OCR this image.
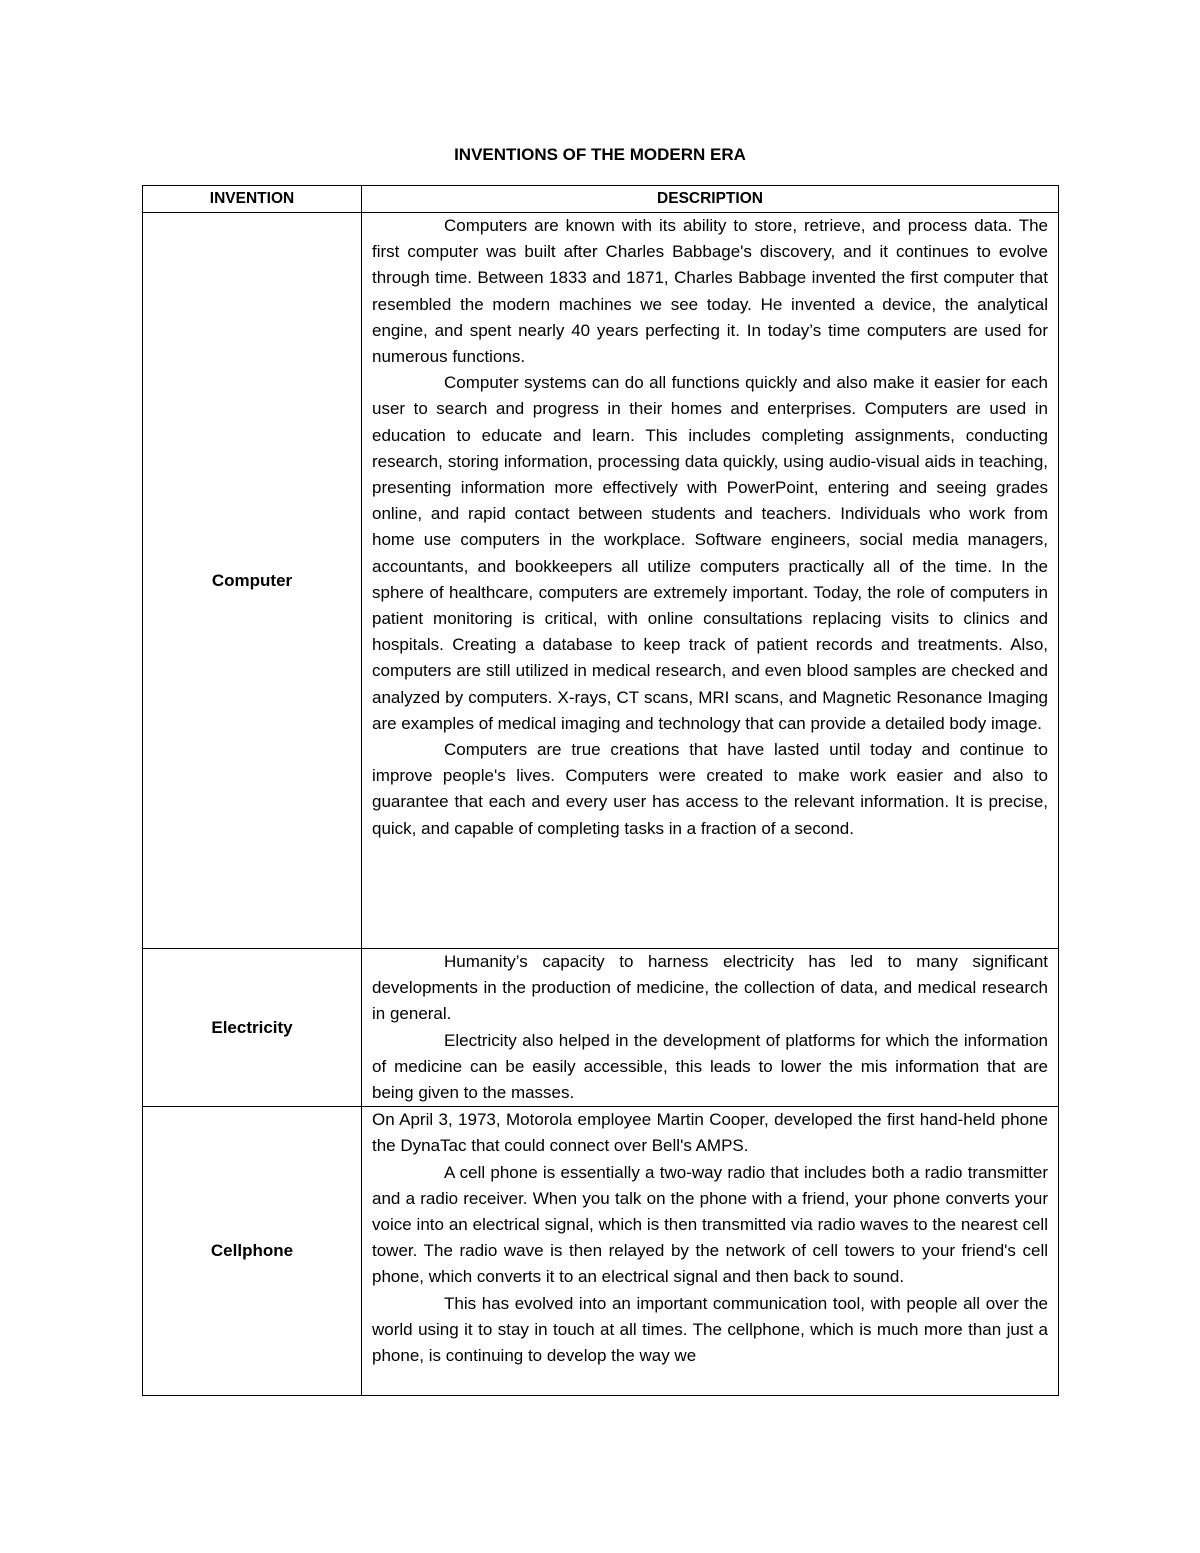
INVENTIONS OF THE MODERN ERA
INVENTION	DESCRIPTION
Computer	Computers are known with its ability to store, retrieve, and process data. The first computer was built after Charles Babbage's discovery, and it continues to evolve through time. Between 1833 and 1871, Charles Babbage invented the first computer that resembled the modern machines we see today. He invented a device, the analytical engine, and spent nearly 40 years perfecting it. In today’s time computers are used for numerous functions.

Computer systems can do all functions quickly and also make it easier for each user to search and progress in their homes and enterprises. Computers are used in education to educate and learn. This includes completing assignments, conducting research, storing information, processing data quickly, using audio-visual aids in teaching, presenting information more effectively with PowerPoint, entering and seeing grades online, and rapid contact between students and teachers. Individuals who work from home use computers in the workplace. Software engineers, social media managers, accountants, and bookkeepers all utilize computers practically all of the time. In the sphere of healthcare, computers are extremely important. Today, the role of computers in patient monitoring is critical, with online consultations replacing visits to clinics and hospitals. Creating a database to keep track of patient records and treatments. Also, computers are still utilized in medical research, and even blood samples are checked and analyzed by computers. X-rays, CT scans, MRI scans, and Magnetic Resonance Imaging are examples of medical imaging and technology that can provide a detailed body image.

Computers are true creations that have lasted until today and continue to improve people's lives. Computers were created to make work easier and also to guarantee that each and every user has access to the relevant information. It is precise, quick, and capable of completing tasks in a fraction of a second.

Electricity	Humanity’s capacity to harness electricity has led to many significant developments in the production of medicine, the collection of data, and medical research in general.

Electricity also helped in the development of platforms for which the information of medicine can be easily accessible, this leads to lower the mis information that are being given to the masses.

Cellphone	On April 3, 1973, Motorola employee Martin Cooper, developed the first hand-held phone the DynaTac that could connect over Bell's AMPS.

A cell phone is essentially a two-way radio that includes both a radio transmitter and a radio receiver. When you talk on the phone with a friend, your phone converts your voice into an electrical signal, which is then transmitted via radio waves to the nearest cell tower. The radio wave is then relayed by the network of cell towers to your friend's cell phone, which converts it to an electrical signal and then back to sound.

This has evolved into an important communication tool, with people all over the world using it to stay in touch at all times. The cellphone, which is much more than just a phone, is continuing to develop the way we
